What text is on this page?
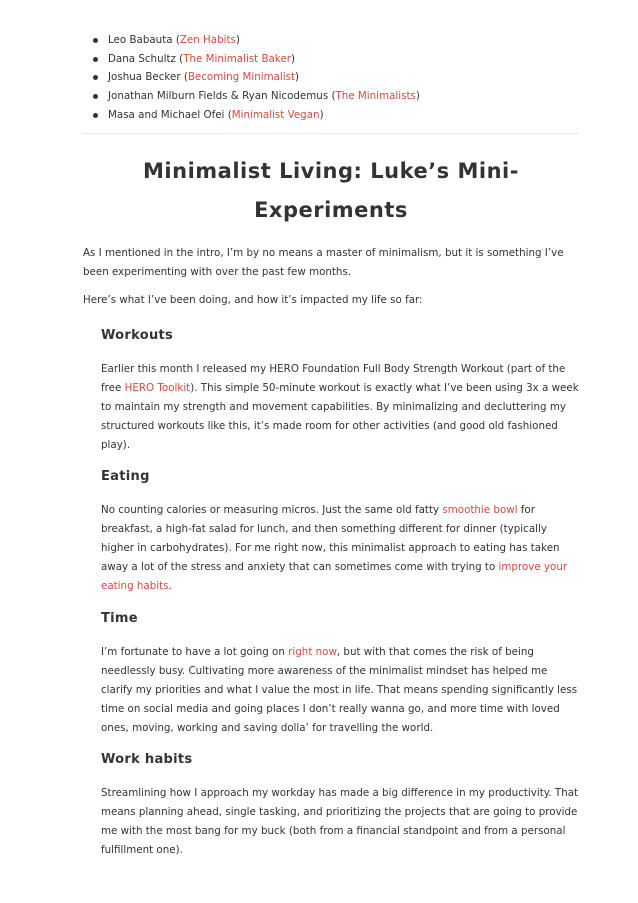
Leo Babauta (Zen Habits)
Dana Schultz (The Minimalist Baker)
Joshua Becker (Becoming Minimalist)
Jonathan Milburn Fields & Ryan Nicodemus (The Minimalists)
Masa and Michael Ofei (Minimalist Vegan)
Minimalist Living: Luke’s Mini-Experiments

As I mentioned in the intro, I’m by no means a master of minimalism, but it is something I’ve been experimenting with over the past few months.

Here’s what I’ve been doing, and how it’s impacted my life so far:

Workouts

Earlier this month I released my HERO Foundation Full Body Strength Workout (part of the free HERO Toolkit). This simple 50-minute workout is exactly what I’ve been using 3x a week to maintain my strength and movement capabilities. By minimalizing and decluttering my structured workouts like this, it’s made room for other activities (and good old fashioned play).

Eating

No counting calories or measuring micros. Just the same old fatty smoothie bowl for breakfast, a high-fat salad for lunch, and then something different for dinner (typically higher in carbohydrates). For me right now, this minimalist approach to eating has taken away a lot of the stress and anxiety that can sometimes come with trying to improve your eating habits.

Time

I’m fortunate to have a lot going on right now, but with that comes the risk of being needlessly busy. Cultivating more awareness of the minimalist mindset has helped me clarify my priorities and what I value the most in life. That means spending significantly less time on social media and going places I don’t really wanna go, and more time with loved ones, moving, working and saving dolla’ for travelling the world.

Work habits

Streamlining how I approach my workday has made a big difference in my productivity. That means planning ahead, single tasking, and prioritizing the projects that are going to provide me with the most bang for my buck (both from a financial standpoint and from a personal fulfillment one).
